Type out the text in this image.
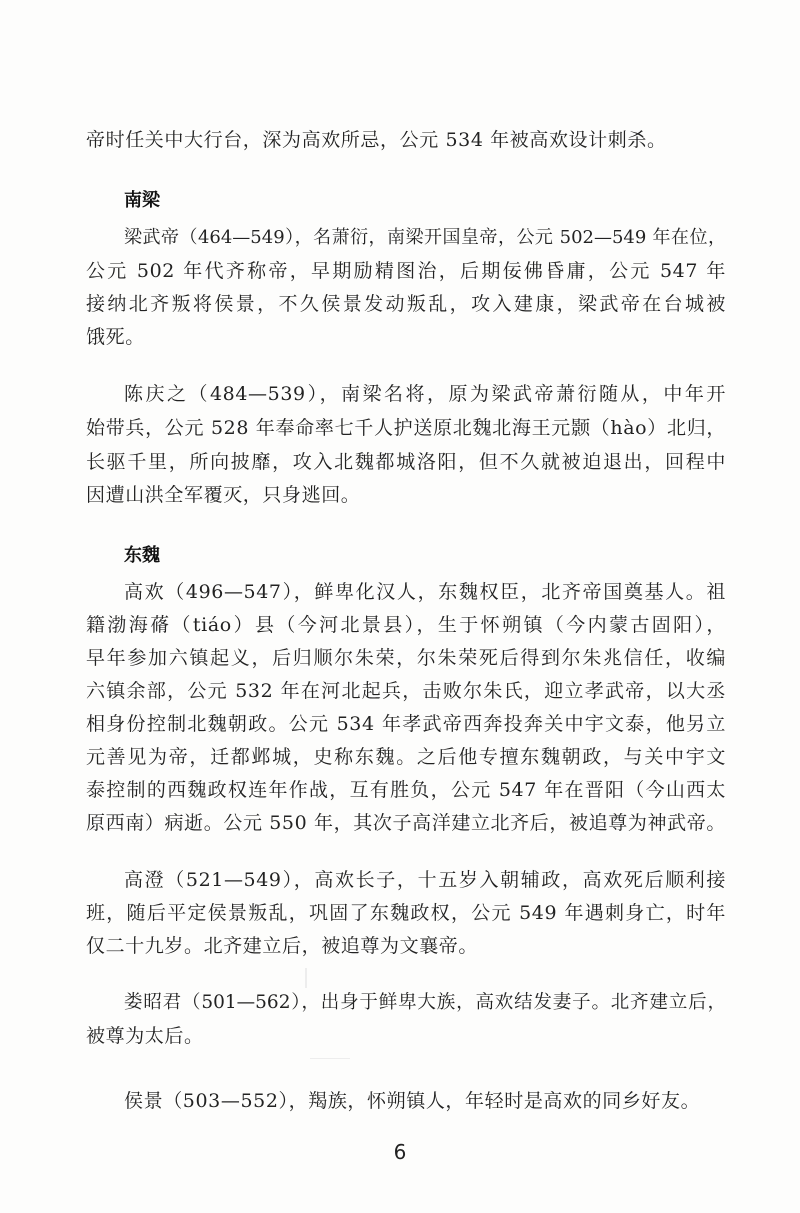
帝时任关中大行台，深为高欢所忌，公元 534 年被高欢设计刺杀。
南梁
梁武帝（464—549），名萧衍，南梁开国皇帝，公元 502—549 年在位，
公元 502 年代齐称帝，早期励精图治，后期佞佛昏庸，公元 547 年
接纳北齐叛将侯景，不久侯景发动叛乱，攻入建康，梁武帝在台城被
饿死。
陈庆之（484—539），南梁名将，原为梁武帝萧衍随从，中年开
始带兵，公元 528 年奉命率七千人护送原北魏北海王元颢（hào）北归，
长驱千里，所向披靡，攻入北魏都城洛阳，但不久就被迫退出，回程中
因遭山洪全军覆灭，只身逃回。
东魏
高欢（496—547），鲜卑化汉人，东魏权臣，北齐帝国奠基人。祖
籍渤海蓨（tiáo）县（今河北景县），生于怀朔镇（今内蒙古固阳），
早年参加六镇起义，后归顺尔朱荣，尔朱荣死后得到尔朱兆信任，收编
六镇余部，公元 532 年在河北起兵，击败尔朱氏，迎立孝武帝，以大丞
相身份控制北魏朝政。公元 534 年孝武帝西奔投奔关中宇文泰，他另立
元善见为帝，迁都邺城，史称东魏。之后他专擅东魏朝政，与关中宇文
泰控制的西魏政权连年作战，互有胜负，公元 547 年在晋阳（今山西太
原西南）病逝。公元 550 年，其次子高洋建立北齐后，被追尊为神武帝。
高澄（521—549），高欢长子，十五岁入朝辅政，高欢死后顺利接
班，随后平定侯景叛乱，巩固了东魏政权，公元 549 年遇刺身亡，时年
仅二十九岁。北齐建立后，被追尊为文襄帝。
娄昭君（501—562），出身于鲜卑大族，高欢结发妻子。北齐建立后，
被尊为太后。
侯景（503—552），羯族，怀朔镇人，年轻时是高欢的同乡好友。
6
